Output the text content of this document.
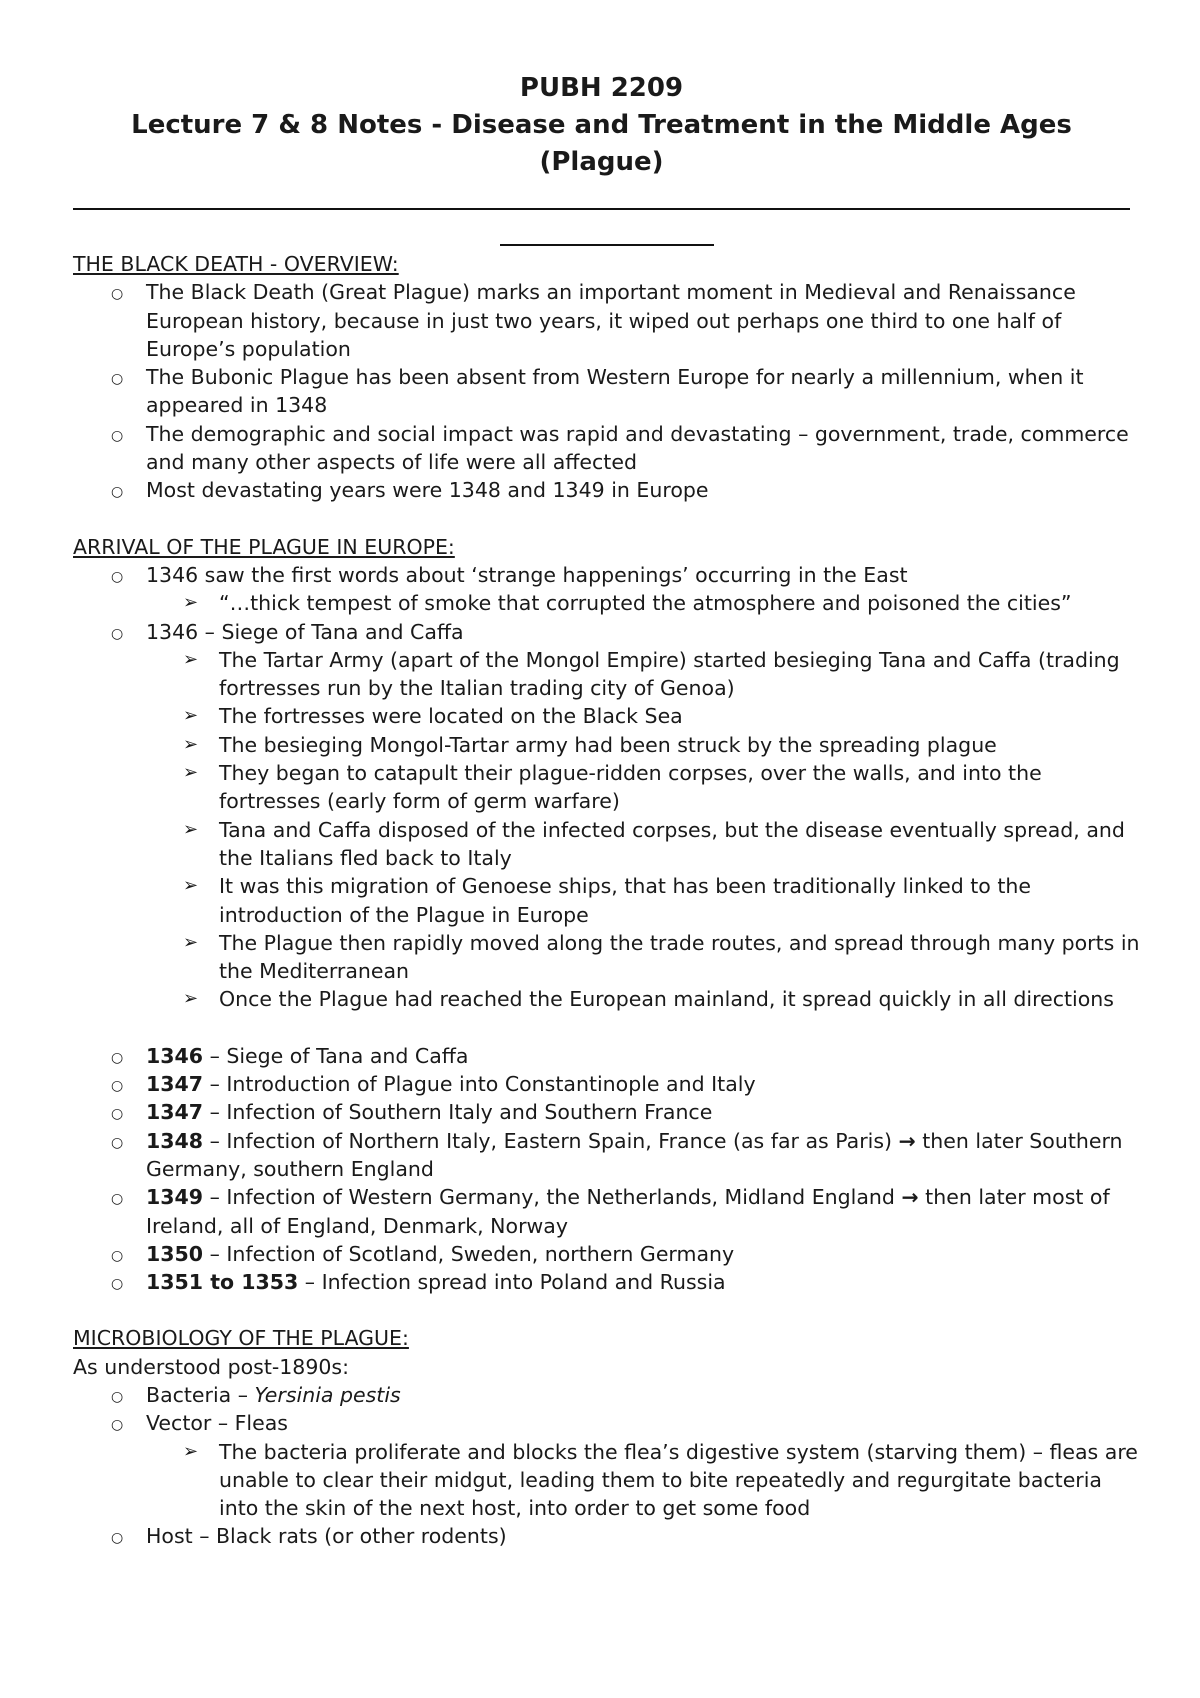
PUBH 2209
Lecture 7 & 8 Notes - Disease and Treatment in the Middle Ages
(Plague)
THE BLACK DEATH - OVERVIEW:
○ The Black Death (Great Plague) marks an important moment in Medieval and Renaissance European history, because in just two years, it wiped out perhaps one third to one half of Europe’s population
○ The Bubonic Plague has been absent from Western Europe for nearly a millennium, when it appeared in 1348
○ The demographic and social impact was rapid and devastating – government, trade, commerce and many other aspects of life were all affected
○ Most devastating years were 1348 and 1349 in Europe
ARRIVAL OF THE PLAGUE IN EUROPE:
○ 1346 saw the first words about ‘strange happenings’ occurring in the East
➢ “…thick tempest of smoke that corrupted the atmosphere and poisoned the cities”
○ 1346 – Siege of Tana and Caffa
➢ The Tartar Army (apart of the Mongol Empire) started besieging Tana and Caffa (trading fortresses run by the Italian trading city of Genoa)
➢ The fortresses were located on the Black Sea
➢ The besieging Mongol-Tartar army had been struck by the spreading plague
➢ They began to catapult their plague-ridden corpses, over the walls, and into the fortresses (early form of germ warfare)
➢ Tana and Caffa disposed of the infected corpses, but the disease eventually spread, and the Italians fled back to Italy
➢ It was this migration of Genoese ships, that has been traditionally linked to the introduction of the Plague in Europe
➢ The Plague then rapidly moved along the trade routes, and spread through many ports in the Mediterranean
➢ Once the Plague had reached the European mainland, it spread quickly in all directions
○ 1346 – Siege of Tana and Caffa
○ 1347 – Introduction of Plague into Constantinople and Italy
○ 1347 – Infection of Southern Italy and Southern France
○ 1348 – Infection of Northern Italy, Eastern Spain, France (as far as Paris) → then later Southern Germany, southern England
○ 1349 – Infection of Western Germany, the Netherlands, Midland England → then later most of Ireland, all of England, Denmark, Norway
○ 1350 – Infection of Scotland, Sweden, northern Germany
○ 1351 to 1353 – Infection spread into Poland and Russia
MICROBIOLOGY OF THE PLAGUE:

As understood post-1890s:

○ Bacteria – Yersinia pestis
○ Vector – Fleas
➢ The bacteria proliferate and blocks the flea’s digestive system (starving them) – fleas are unable to clear their midgut, leading them to bite repeatedly and regurgitate bacteria into the skin of the next host, into order to get some food
○ Host – Black rats (or other rodents)
